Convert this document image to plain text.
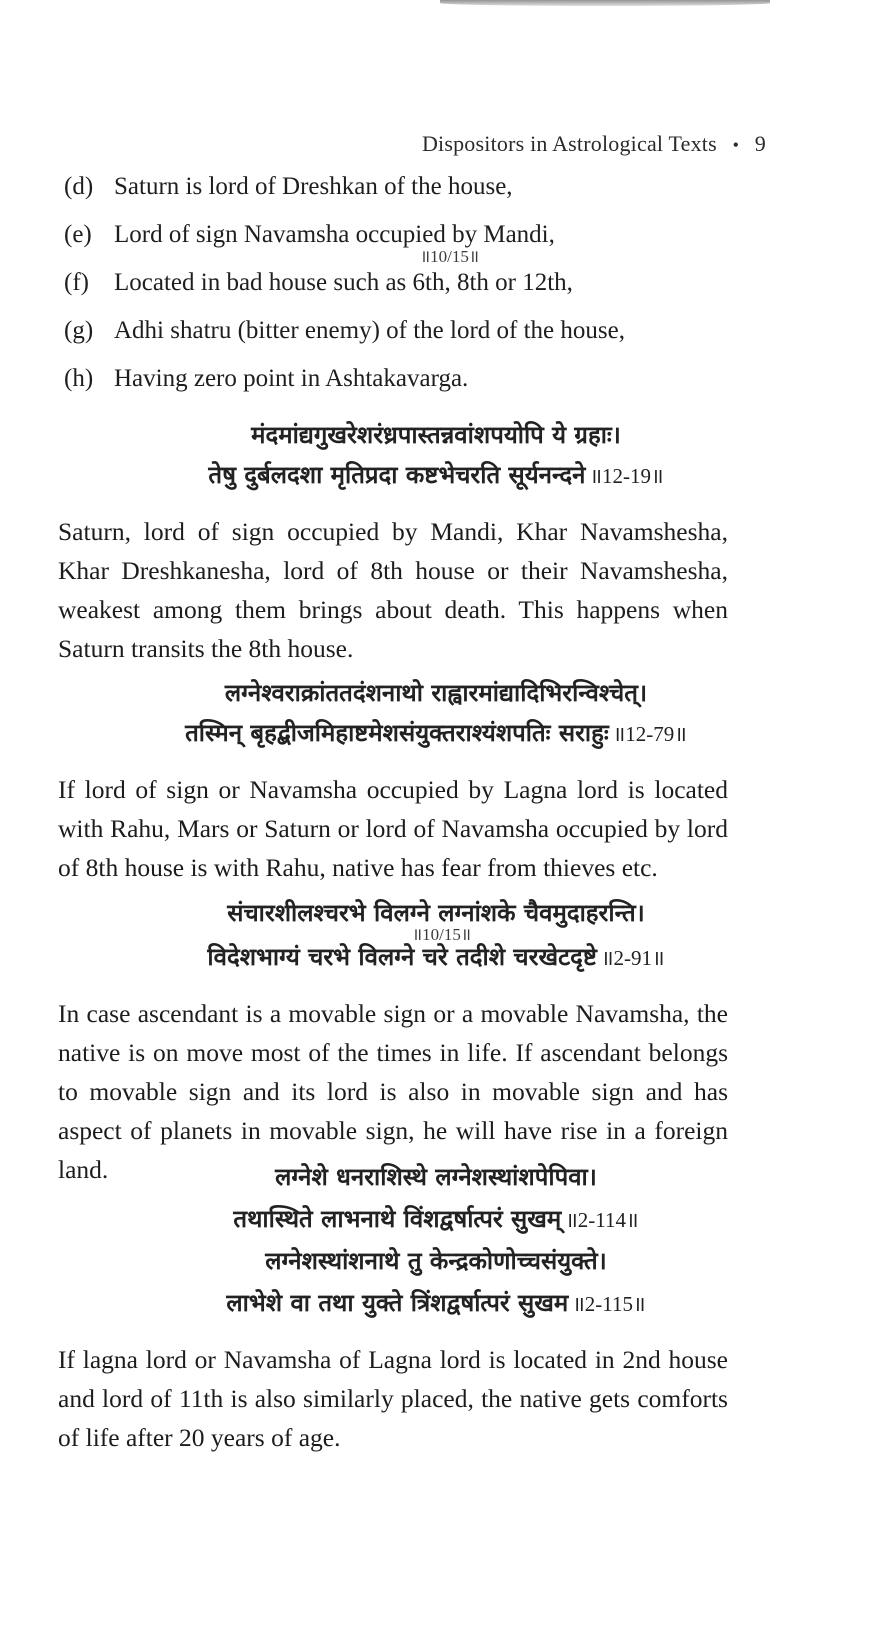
Dispositors in Astrological Texts • 9
(d) Saturn is lord of Dreshkan of the house,
(e) Lord of sign Navamsha occupied by Mandi,
॥10/15॥
(f) Located in bad house such as 6th, 8th or 12th,
(g) Adhi shatru (bitter enemy) of the lord of the house,
(h) Having zero point in Ashtakavarga.
मंदमांद्यगुखरेशरंध्रपास्तन्नवांशपयोपि ये ग्रहाः।
तेषु दुर्बलदशा मृतिप्रदा कष्टभेचरति सूर्यनन्दने ॥12-19॥
Saturn, lord of sign occupied by Mandi, Khar Navamshesha, Khar Dreshkanesha, lord of 8th house or their Navamshesha, weakest among them brings about death. This happens when Saturn transits the 8th house.
लग्नेश्वराक्रांततदंशनाथो राह्वारमांद्यादिभिरन्विश्चेत्।
तस्मिन् बृहद्बीजमिहाष्टमेशसंयुक्तराश्यंशपतिः सराहुः ॥12-79॥
If lord of sign or Navamsha occupied by Lagna lord is located with Rahu, Mars or Saturn or lord of Navamsha occupied by lord of 8th house is with Rahu, native has fear from thieves etc.
संचारशीलश्चरभे विलग्ने लग्नांशके चैवमुदाहरन्ति।
॥10/15॥
विदेशभाग्यं चरभे विलग्ने चरे तदीशे चरखेटदृष्टे ॥2-91॥
In case ascendant is a movable sign or a movable Navamsha, the native is on move most of the times in life. If ascendant belongs to movable sign and its lord is also in movable sign and has aspect of planets in movable sign, he will have rise in a foreign land.	लग्नेशे धनराशिस्थे लग्नेशस्थांशपेपिवा।
तथास्थिते लाभनाथे विंशद्वर्षात्परं सुखम् ॥2-114॥
लग्नेशस्थांशनाथे तु केन्द्रकोणोच्चसंयुक्ते।
लाभेशे वा तथा युक्ते त्रिंशद्वर्षात्परं सुखम ॥2-115॥
If lagna lord or Navamsha of Lagna lord is located in 2nd house and lord of 11th is also similarly placed, the native gets comforts of life after 20 years of age.
